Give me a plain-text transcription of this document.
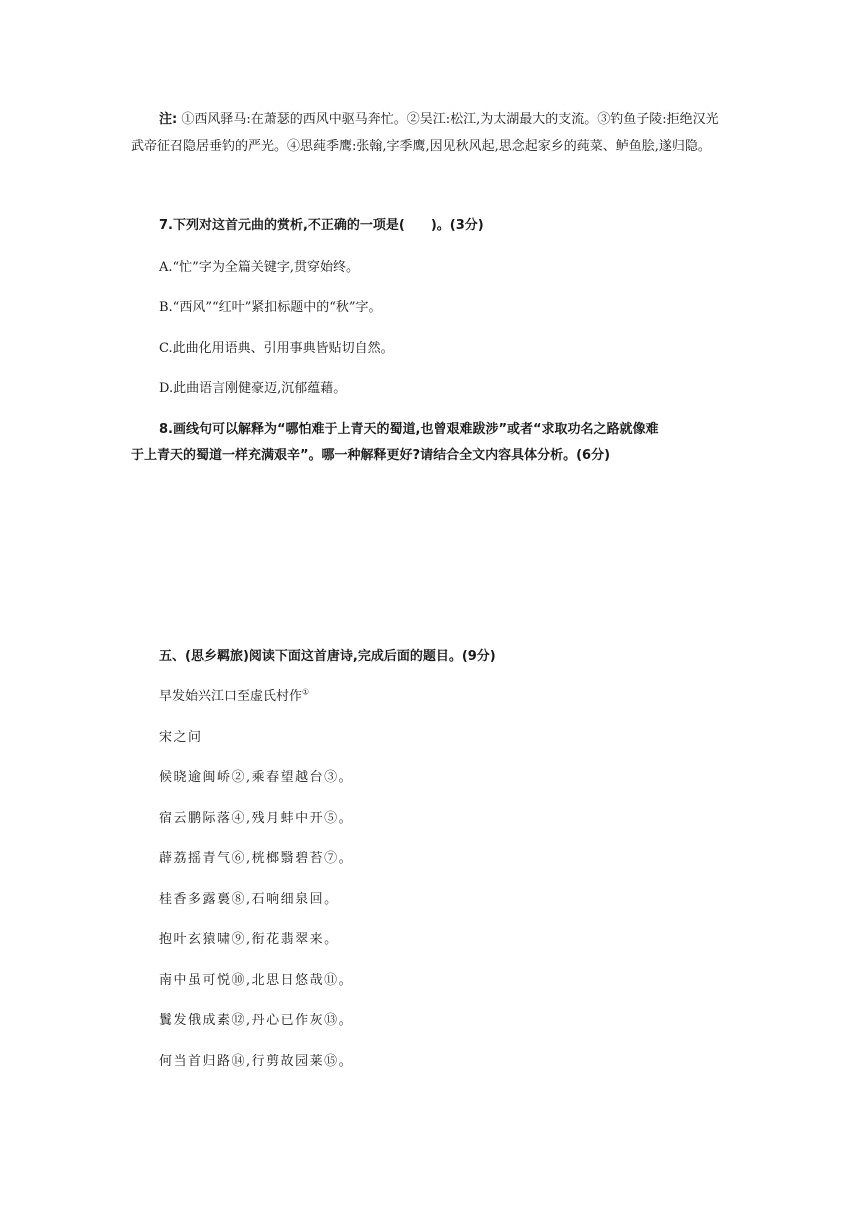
注: ①西风驿马:在萧瑟的西风中驱马奔忙。②吴江:松江,为太湖最大的支流。③钓鱼子陵:拒绝汉光
武帝征召隐居垂钓的严光。④思莼季鹰:张翰,字季鹰,因见秋风起,思念起家乡的莼菜、鲈鱼脍,遂归隐。
7.下列对这首元曲的赏析,不正确的一项是(　　)。(3分)
A.“忙”字为全篇关键字,贯穿始终。
B.“西风”“红叶”紧扣标题中的“秋”字。
C.此曲化用语典、引用事典皆贴切自然。
D.此曲语言刚健豪迈,沉郁蕴藉。
8.画线句可以解释为“哪怕难于上青天的蜀道,也曾艰难跋涉”或者“求取功名之路就像难
于上青天的蜀道一样充满艰辛”。哪一种解释更好?请结合全文内容具体分析。(6分)
五、(思乡羁旅)阅读下面这首唐诗,完成后面的题目。(9分)
早发始兴江口至虚氏村作①
宋之问
候晓逾闽峤②,乘春望越台③。
宿云鹏际落④,残月蚌中开⑤。
薜荔摇青气⑥,桄榔翳碧苔⑦。
桂香多露裛⑧,石响细泉回。
抱叶玄猿啸⑨,衔花翡翠来。
南中虽可悦⑩,北思日悠哉⑪。
鬒发俄成素⑫,丹心已作灰⑬。
何当首归路⑭,行剪故园莱⑮。
